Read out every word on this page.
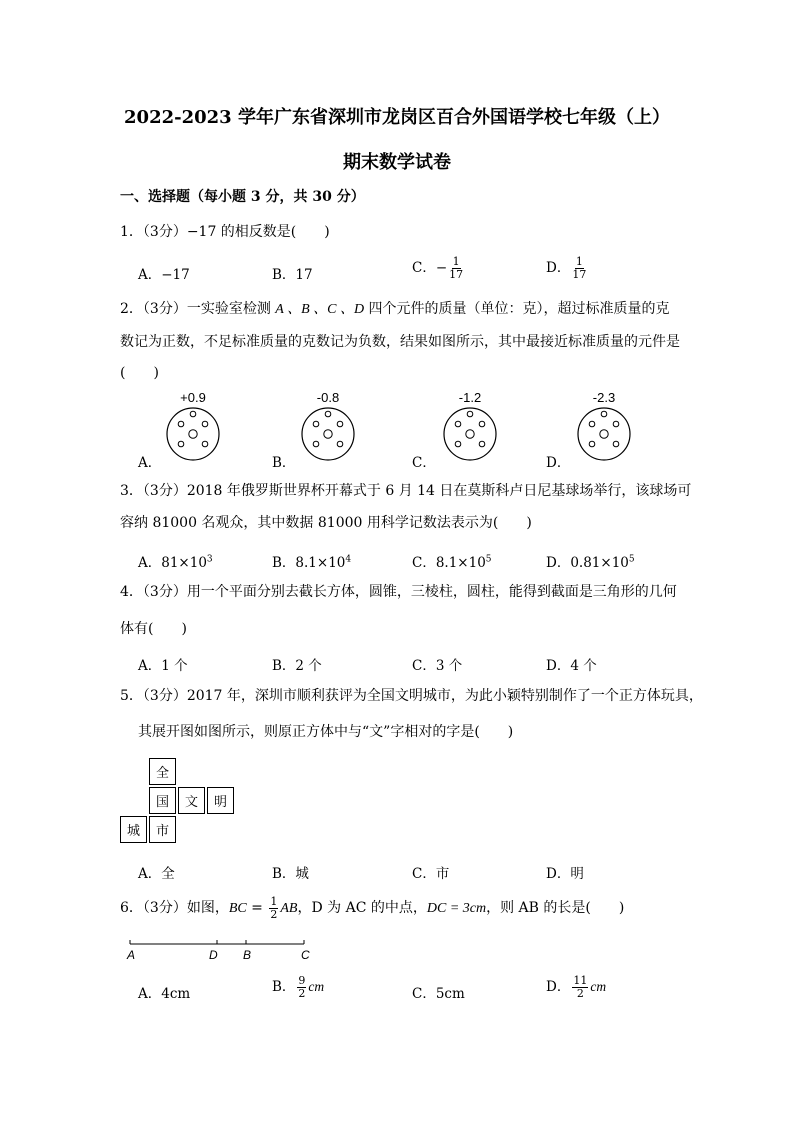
2022-2023 学年广东省深圳市龙岗区百合外国语学校七年级（上）
期末数学试卷
一、选择题（每小题 3 分，共 30 分）
1．（3分）−17 的相反数是(　　)
A．−17	B．17	C．− $\frac{1}{17}$	D． $\frac{1}{17}$
2．（3分）一实验室检测 A 、B 、C 、D 四个元件的质量（单位：克），超过标准质量的克
数记为正数，不足标准质量的克数记为负数，结果如图所示，其中最接近标准质量的元件是
(　　)
+0.9	-0.8	-1.2	-2.3
A．	B．	C．	D．
3．（3分）2018 年俄罗斯世界杯开幕式于 6 月 14 日在莫斯科卢日尼基球场举行，该球场可
容纳 81000 名观众，其中数据 81000 用科学记数法表示为(　　)
A．$81\times 10^3$	B．$8.1\times 10^4$	C．$8.1\times 10^5$	D．$0.81\times 10^5$
4．（3分）用一个平面分别去截长方体，圆锥，三棱柱，圆柱，能得到截面是三角形的几何
体有(　　)
A．1 个	B．2 个	C．3 个	D．4 个
5．（3分）2017 年，深圳市顺利获评为全国文明城市，为此小颖特别制作了一个正方体玩具，
其展开图如图所示，则原正方体中与“文”字相对的字是(　　)
全
国	文	明
城	市
A．全	B．城	C．市	D．明
6．（3分）如图，BC = $\frac{1}{2}$ AB，D 为 AC 的中点，DC = 3cm，则 AB 的长是(　　)
A	D B	C
A．4cm	B． $\frac{9}{2}$ cm	C．5cm	D． $\frac{11}{2}$ cm
